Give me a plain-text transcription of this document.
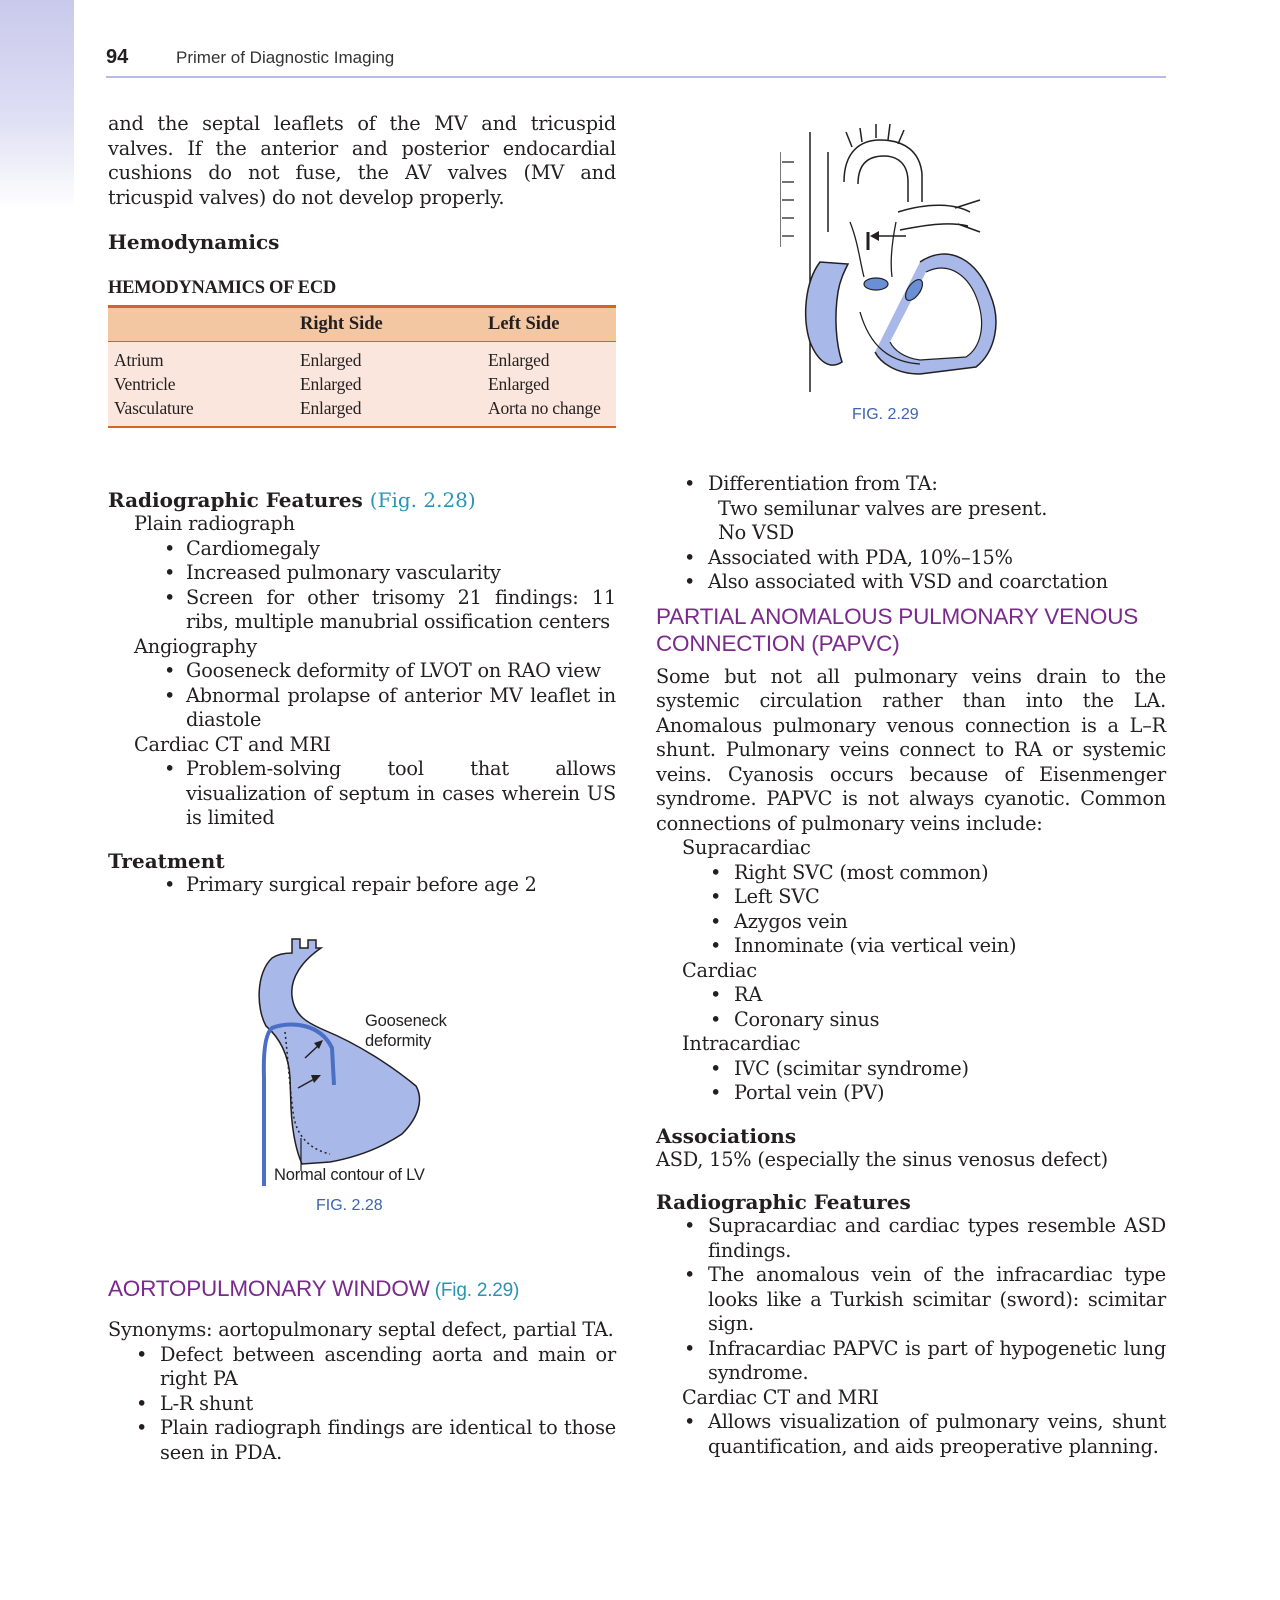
94	Primer of Diagnostic Imaging

and the septal leaflets of the MV and tricuspid valves. If the anterior and posterior endocardial cushions do not fuse, the AV valves (MV and tricuspid valves) do not develop properly.

Hemodynamics

HEMODYNAMICS OF ECD

	Right Side	Left Side
Atrium	Enlarged	Enlarged
Ventricle	Enlarged	Enlarged
Vasculature	Enlarged	Aorta no change

Radiographic Features (Fig. 2.28)

Plain radiograph
• Cardiomegaly
• Increased pulmonary vascularity
• Screen for other trisomy 21 findings: 11 ribs, multiple manubrial ossification centers
Angiography
• Gooseneck deformity of LVOT on RAO view
• Abnormal prolapse of anterior MV leaflet in diastole
Cardiac CT and MRI
• Problem-solving tool that allows visualization of septum in cases wherein US is limited

Treatment

• Primary surgical repair before age 2
Gooseneck deformity
Normal contour of LV
FIG. 2.28

AORTOPULMONARY WINDOW (Fig. 2.29)

Synonyms: aortopulmonary septal defect, partial TA.
• Defect between ascending aorta and main or right PA
• L-R shunt
• Plain radiograph findings are identical to those seen in PDA.
FIG. 2.29
• Differentiation from TA:
Two semilunar valves are present.
No VSD
• Associated with PDA, 10%–15%
• Also associated with VSD and coarctation

PARTIAL ANOMALOUS PULMONARY VENOUS CONNECTION (PAPVC)

Some but not all pulmonary veins drain to the systemic circulation rather than into the LA. Anomalous pulmonary venous connection is a L–R shunt. Pulmonary veins connect to RA or systemic veins. Cyanosis occurs because of Eisenmenger syndrome. PAPVC is not always cyanotic. Common connections of pulmonary veins include:

Supracardiac
• Right SVC (most common)
• Left SVC
• Azygos vein
• Innominate (via vertical vein)
Cardiac
• RA
• Coronary sinus
Intracardiac
• IVC (scimitar syndrome)
• Portal vein (PV)

Associations

ASD, 15% (especially the sinus venosus defect)

Radiographic Features

• Supracardiac and cardiac types resemble ASD findings.
• The anomalous vein of the infracardiac type looks like a Turkish scimitar (sword): scimitar sign.
• Infracardiac PAPVC is part of hypogenetic lung syndrome.
Cardiac CT and MRI
• Allows visualization of pulmonary veins, shunt quantification, and aids preoperative planning.
